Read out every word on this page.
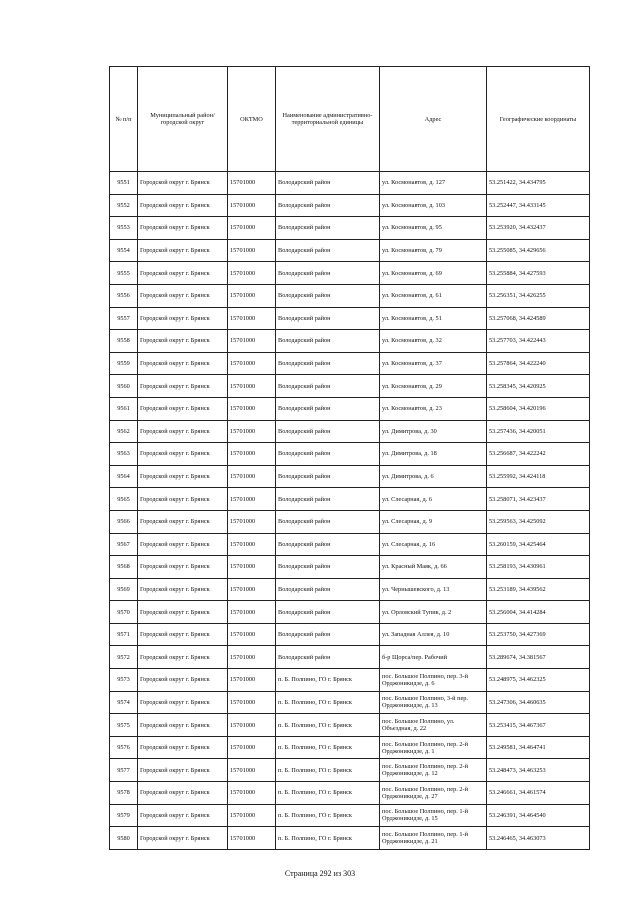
№ п/п	Муниципальный район/городской округ	ОКТМО	Наименование административно-территориальной единицы	Адрес	Географические координаты
9551	Городской округ г. Брянск	15701000	Володарский район	ул. Космонавтов, д. 127	53.251422, 34.434795
9552	Городской округ г. Брянск	15701000	Володарский район	ул. Космонавтов, д. 103	53.252447, 34.433145
9553	Городской округ г. Брянск	15701000	Володарский район	ул. Космонавтов, д. 95	53.253920, 34.432437
9554	Городской округ г. Брянск	15701000	Володарский район	ул. Космонавтов, д. 79	53.255085, 34.429656
9555	Городской округ г. Брянск	15701000	Володарский район	ул. Космонавтов, д. 69	53.255884, 34.427593
9556	Городской округ г. Брянск	15701000	Володарский район	ул. Космонавтов, д. 61	53.256351, 34.426255
9557	Городской округ г. Брянск	15701000	Володарский район	ул. Космонавтов, д. 51	53.257068, 34.424589
9558	Городской округ г. Брянск	15701000	Володарский район	ул. Космонавтов, д. 32	53.257703, 34.422443
9559	Городской округ г. Брянск	15701000	Володарский район	ул. Космонавтов, д. 37	53.257864, 34.422240
9560	Городской округ г. Брянск	15701000	Володарский район	ул. Космонавтов, д. 29	53.258345, 34.420925
9561	Городской округ г. Брянск	15701000	Володарский район	ул. Космонавтов, д. 23	53.258604, 34.420196
9562	Городской округ г. Брянск	15701000	Володарский район	ул. Димитрова, д. 30	53.257436, 34.420051
9563	Городской округ г. Брянск	15701000	Володарский район	ул. Димитрова, д. 18	53.256687, 34.422242
9564	Городской округ г. Брянск	15701000	Володарский район	ул. Димитрова, д. 6	53.255992, 34.424118
9565	Городской округ г. Брянск	15701000	Володарский район	ул. Слесарная, д. 6	53.258071, 34.423437
9566	Городской округ г. Брянск	15701000	Володарский район	ул. Слесарная, д. 9	53.259563, 34.425092
9567	Городской округ г. Брянск	15701000	Володарский район	ул. Слесарная, д. 16	53.260159, 34.425464
9568	Городской округ г. Брянск	15701000	Володарский район	ул. Красный Маяк, д. 66	53.258193, 34.430961
9569	Городской округ г. Брянск	15701000	Володарский район	ул. Чернышевского, д. 13	53.253189, 34.439562
9570	Городской округ г. Брянск	15701000	Володарский район	ул. Орловский Тупик, д. 2	53.256004, 34.414284
9571	Городской округ г. Брянск	15701000	Володарский район	ул. Западная Аллея, д. 10	53.253750, 34.427369
9572	Городской округ г. Брянск	15701000	Володарский район	б-р Щорса/пер. Рабочий	53.289674, 34.381567
9573	Городской округ г. Брянск	15701000	п. Б. Полпино, ГО г. Брянск	пос. Большое Полпино, пер. 3-й Орджоникидзе, д. 6	53.248975, 34.462325
9574	Городской округ г. Брянск	15701000	п. Б. Полпино, ГО г. Брянск	пос. Большое Полпино, 3-й пер. Орджоникидзе, д. 13	53.247306, 34.460635
9575	Городской округ г. Брянск	15701000	п. Б. Полпино, ГО г. Брянск	пос. Большое Полпино, ул. Объездная, д. 22	53.253415, 34.467367
9576	Городской округ г. Брянск	15701000	п. Б. Полпино, ГО г. Брянск	пос. Большое Полпино, пер. 2-й Орджоникидзе, д. 1	53.249581, 34.464741
9577	Городской округ г. Брянск	15701000	п. Б. Полпино, ГО г. Брянск	пос. Большое Полпино, пер. 2-й Орджоникидзе, д. 12	53.248473, 34.463253
9578	Городской округ г. Брянск	15701000	п. Б. Полпино, ГО г. Брянск	пос. Большое Полпино, пер. 2-й Орджоникидзе, д. 27	53.246661, 34.461574
9579	Городской округ г. Брянск	15701000	п. Б. Полпино, ГО г. Брянск	пос. Большое Полпино, пер. 1-й Орджоникидзе, д. 15	53.246391, 34.464540
9580	Городской округ г. Брянск	15701000	п. Б. Полпино, ГО г. Брянск	пос. Большое Полпино, пер. 1-й Орджоникидзе, д. 21	53.246465, 34.463073
Страница 292 из 303
